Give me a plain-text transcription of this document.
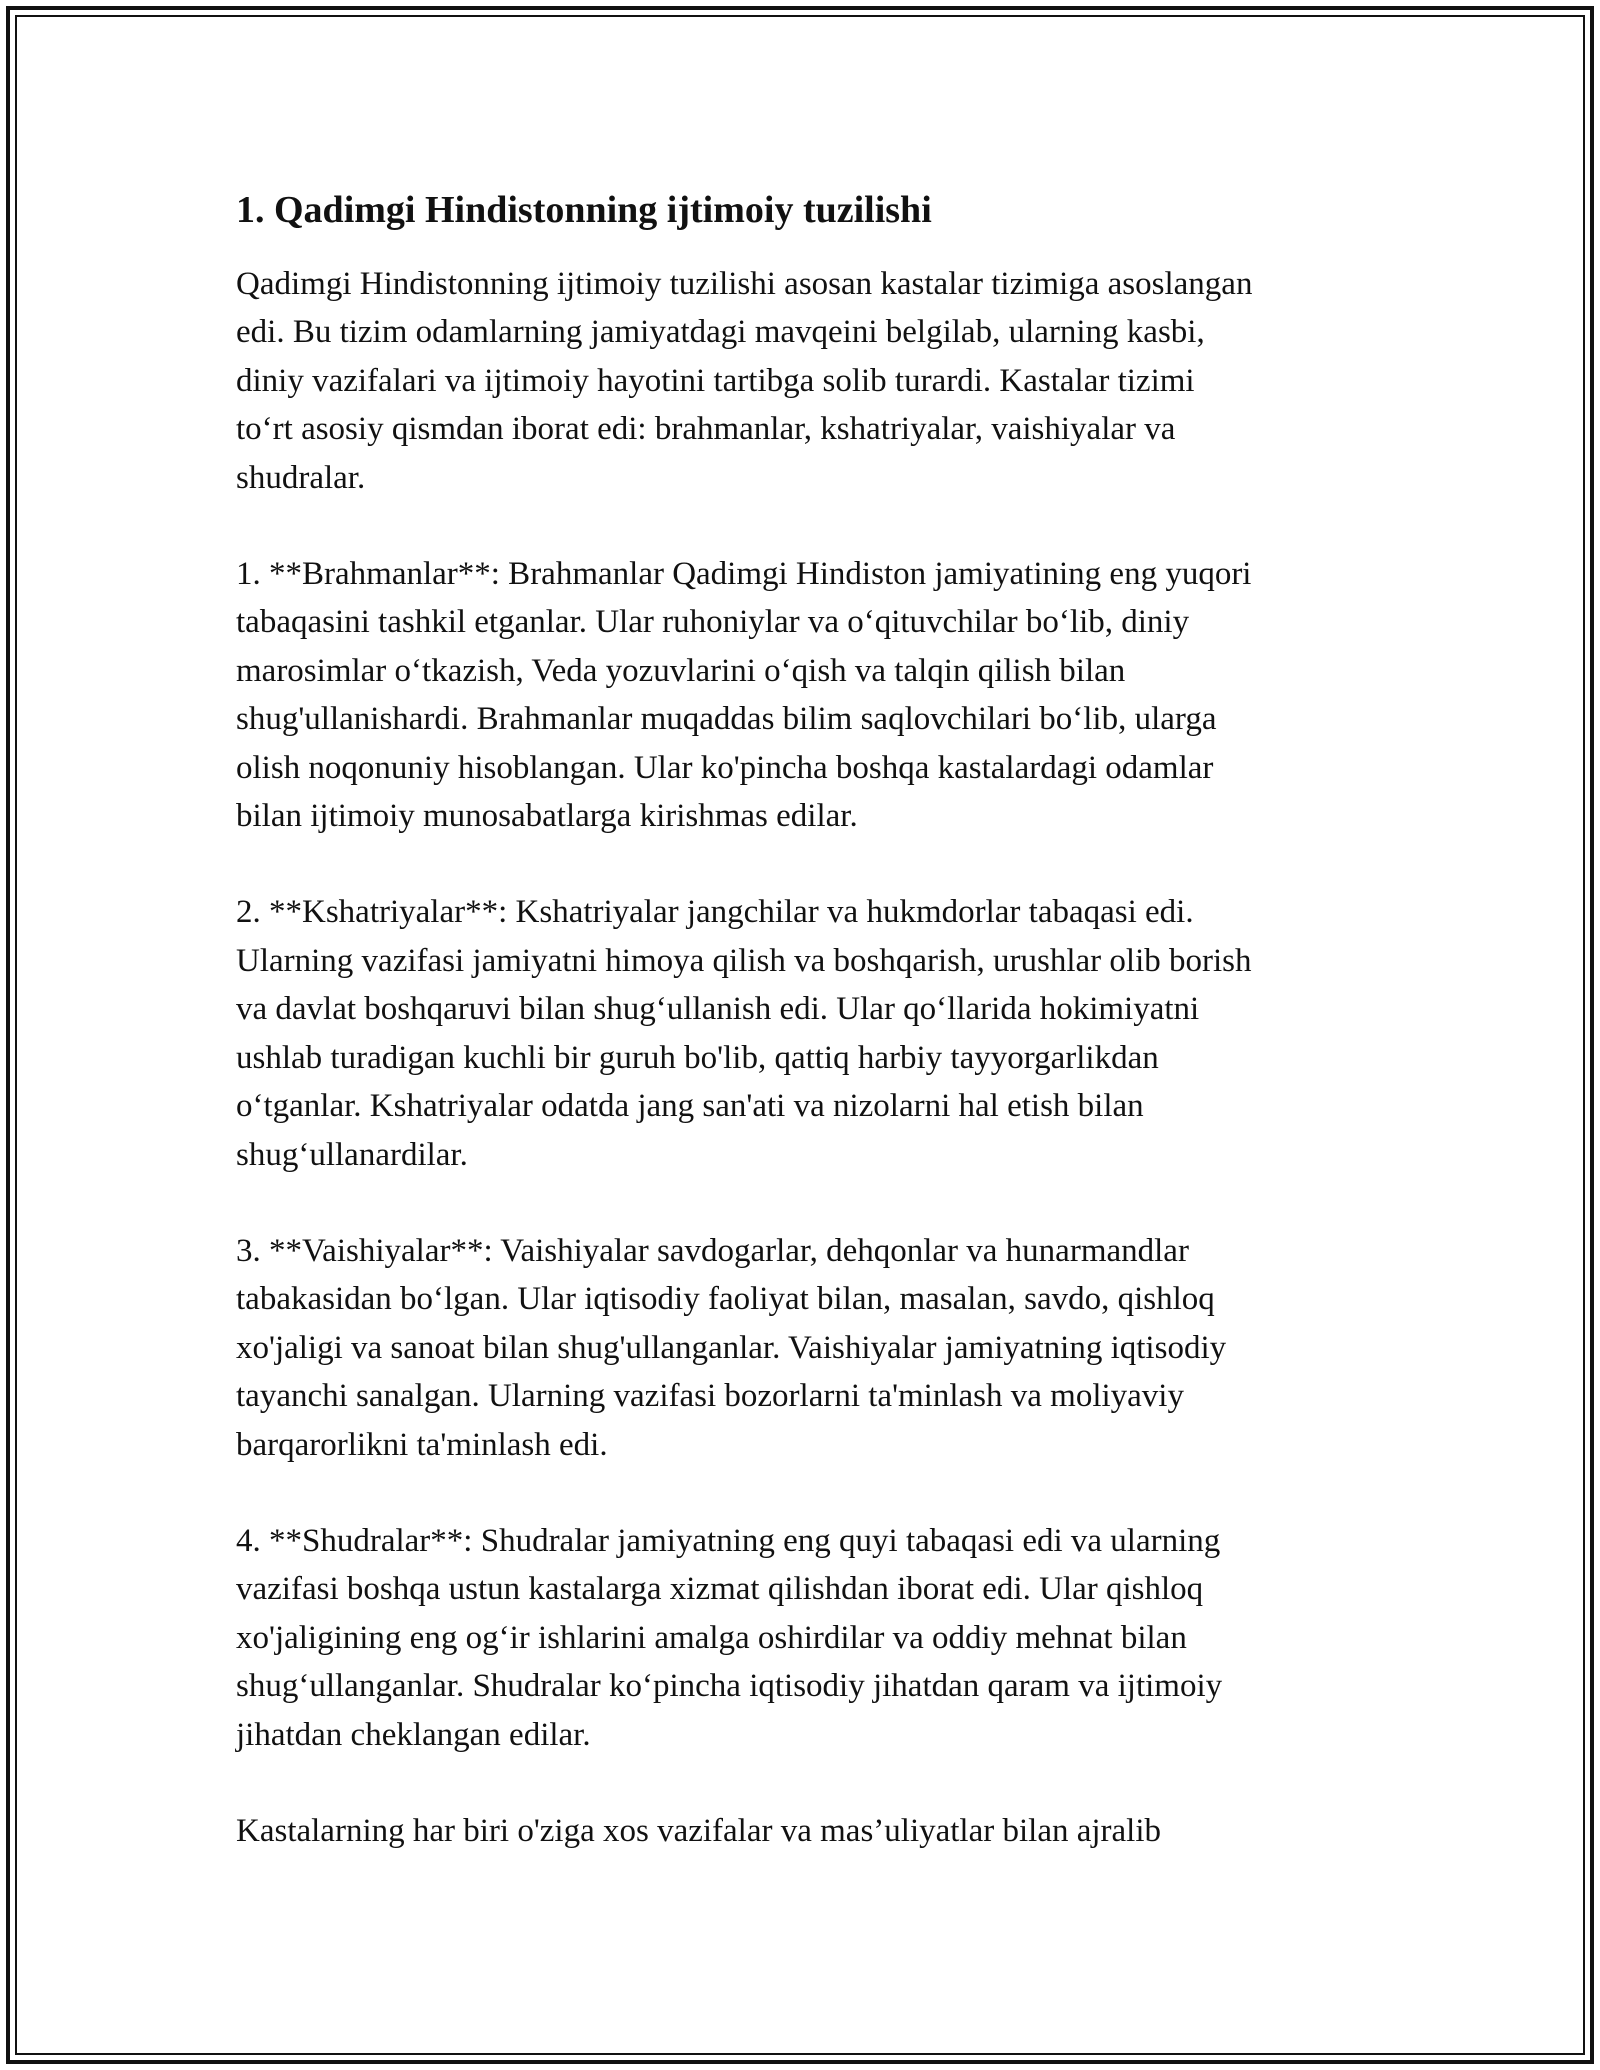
1. Qadimgi Hindistonning ijtimoiy tuzilishi

Qadimgi Hindistonning ijtimoiy tuzilishi asosan kastalar tizimiga asoslangan
edi. Bu tizim odamlarning jamiyatdagi mavqeini belgilab, ularning kasbi,
diniy vazifalari va ijtimoiy hayotini tartibga solib turardi. Kastalar tizimi
to‘rt asosiy qismdan iborat edi: brahmanlar, kshatriyalar, vaishiyalar va
shudralar.

1. **Brahmanlar**: Brahmanlar Qadimgi Hindiston jamiyatining eng yuqori
tabaqasini tashkil etganlar. Ular ruhoniylar va o‘qituvchilar bo‘lib, diniy
marosimlar o‘tkazish, Veda yozuvlarini o‘qish va talqin qilish bilan
shug'ullanishardi. Brahmanlar muqaddas bilim saqlovchilari bo‘lib, ularga
olish noqonuniy hisoblangan. Ular ko'pincha boshqa kastalardagi odamlar
bilan ijtimoiy munosabatlarga kirishmas edilar.

2. **Kshatriyalar**: Kshatriyalar jangchilar va hukmdorlar tabaqasi edi.
Ularning vazifasi jamiyatni himoya qilish va boshqarish, urushlar olib borish
va davlat boshqaruvi bilan shug‘ullanish edi. Ular qo‘llarida hokimiyatni
ushlab turadigan kuchli bir guruh bo'lib, qattiq harbiy tayyorgarlikdan
o‘tganlar. Kshatriyalar odatda jang san'ati va nizolarni hal etish bilan
shug‘ullanardilar.

3. **Vaishiyalar**: Vaishiyalar savdogarlar, dehqonlar va hunarmandlar
tabakasidan bo‘lgan. Ular iqtisodiy faoliyat bilan, masalan, savdo, qishloq
xo'jaligi va sanoat bilan shug'ullanganlar. Vaishiyalar jamiyatning iqtisodiy
tayanchi sanalgan. Ularning vazifasi bozorlarni ta'minlash va moliyaviy
barqarorlikni ta'minlash edi.

4. **Shudralar**: Shudralar jamiyatning eng quyi tabaqasi edi va ularning
vazifasi boshqa ustun kastalarga xizmat qilishdan iborat edi. Ular qishloq
xo'jaligining eng og‘ir ishlarini amalga oshirdilar va oddiy mehnat bilan
shug‘ullanganlar. Shudralar ko‘pincha iqtisodiy jihatdan qaram va ijtimoiy
jihatdan cheklangan edilar.

Kastalarning har biri o'ziga xos vazifalar va mas’uliyatlar bilan ajralib
